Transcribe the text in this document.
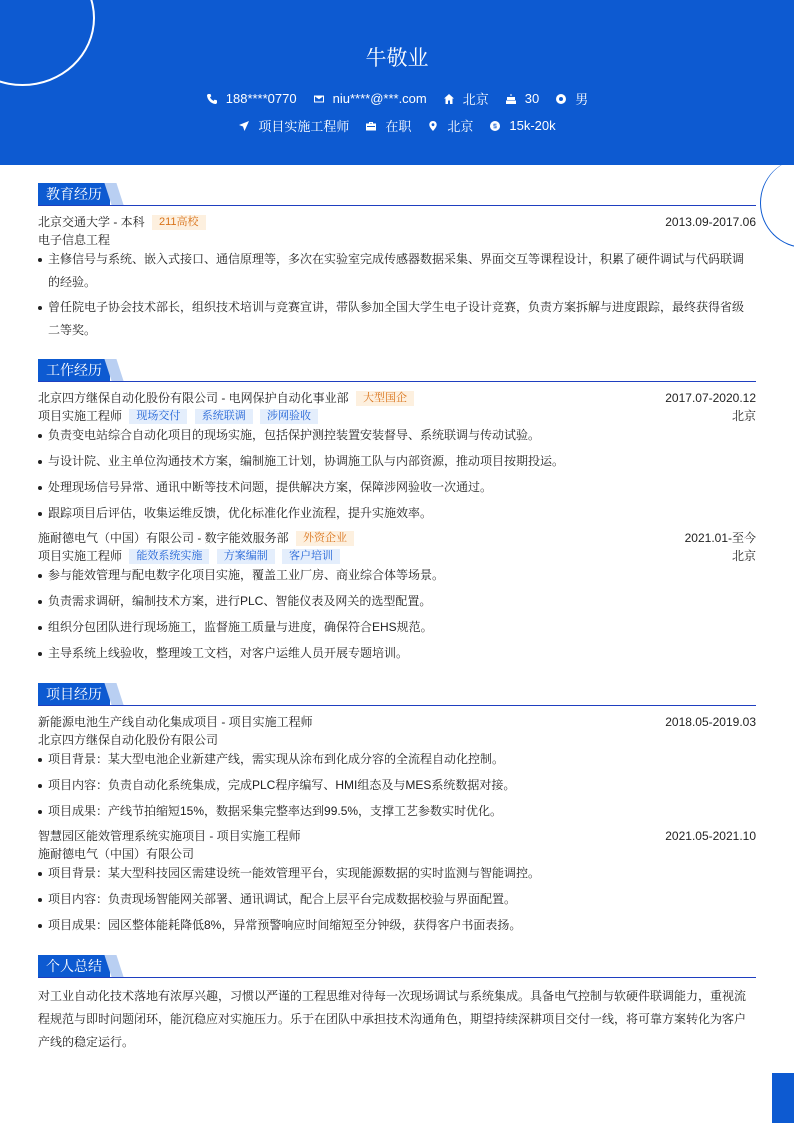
牛敬业
188****0770	niu****@***.com	北京	30	男
项目实施工程师	在职	北京	15k-20k
教育经历
北京交通大学 - 本科 211高校	2013.09-2017.06
电子信息工程
主修信号与系统、嵌入式接口、通信原理等，多次在实验室完成传感器数据采集、界面交互等课程设计，积累了硬件调试与代码联调
的经验。
曾任院电子协会技术部长，组织技术培训与竞赛宣讲，带队参加全国大学生电子设计竞赛，负责方案拆解与进度跟踪，最终获得省级
二等奖。
工作经历
北京四方继保自动化股份有限公司 - 电网保护自动化事业部 大型国企	2017.07-2020.12
项目实施工程师 现场交付 系统联调 涉网验收	北京
负责变电站综合自动化项目的现场实施，包括保护测控装置安装督导、系统联调与传动试验。
与设计院、业主单位沟通技术方案，编制施工计划，协调施工队与内部资源，推动项目按期投运。
处理现场信号异常、通讯中断等技术问题，提供解决方案，保障涉网验收一次通过。
跟踪项目后评估，收集运维反馈，优化标准化作业流程，提升实施效率。
施耐德电气（中国）有限公司 - 数字能效服务部 外资企业	2021.01-至今
项目实施工程师 能效系统实施 方案编制 客户培训	北京
参与能效管理与配电数字化项目实施，覆盖工业厂房、商业综合体等场景。
负责需求调研，编制技术方案，进行PLC、智能仪表及网关的选型配置。
组织分包团队进行现场施工，监督施工质量与进度，确保符合EHS规范。
主导系统上线验收，整理竣工文档，对客户运维人员开展专题培训。
项目经历
新能源电池生产线自动化集成项目 - 项目实施工程师	2018.05-2019.03
北京四方继保自动化股份有限公司
项目背景：某大型电池企业新建产线，需实现从涂布到化成分容的全流程自动化控制。
项目内容：负责自动化系统集成，完成PLC程序编写、HMI组态及与MES系统数据对接。
项目成果：产线节拍缩短15%，数据采集完整率达到99.5%，支撑工艺参数实时优化。
智慧园区能效管理系统实施项目 - 项目实施工程师	2021.05-2021.10
施耐德电气（中国）有限公司
项目背景：某大型科技园区需建设统一能效管理平台，实现能源数据的实时监测与智能调控。
项目内容：负责现场智能网关部署、通讯调试，配合上层平台完成数据校验与界面配置。
项目成果：园区整体能耗降低8%，异常预警响应时间缩短至分钟级，获得客户书面表扬。
个人总结
对工业自动化技术落地有浓厚兴趣，习惯以严谨的工程思维对待每一次现场调试与系统集成。具备电气控制与软硬件联调能力，重视流
程规范与即时问题闭环，能沉稳应对实施压力。乐于在团队中承担技术沟通角色，期望持续深耕项目交付一线，将可靠方案转化为客户
产线的稳定运行。
